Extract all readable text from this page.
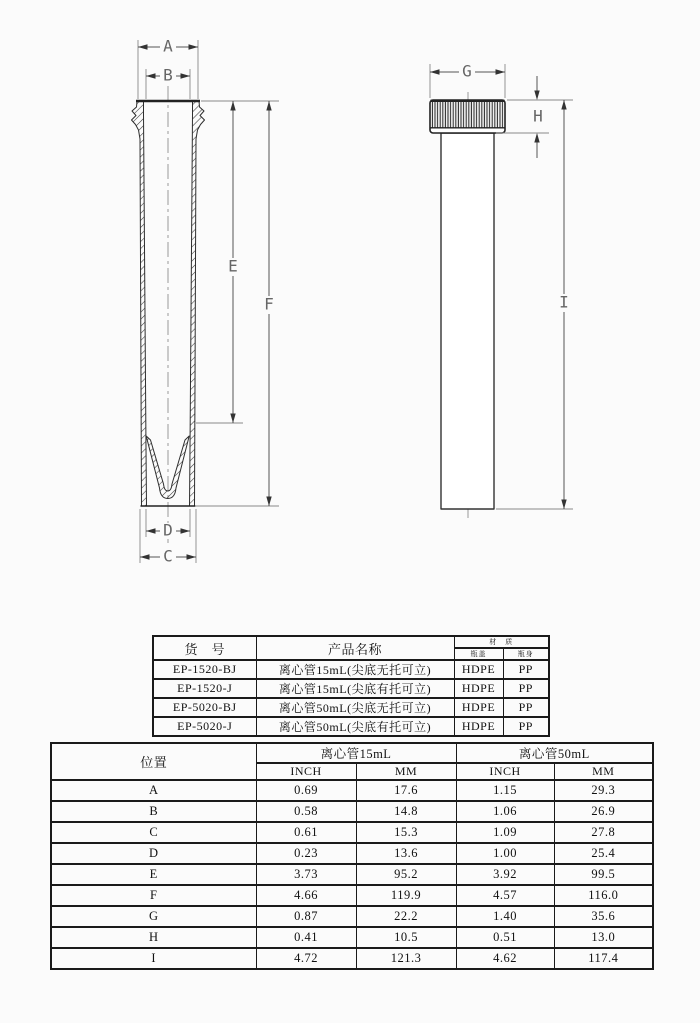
A
B
D
C
E
F
G
H
I
货　号	产品名称	材　质	
		瓶盖	瓶身
EP-1520-BJ	离心管15mL(尖底无托可立)	HDPE	PP
EP-1520-J	离心管15mL(尖底有托可立)	HDPE	PP
EP-5020-BJ	离心管50mL(尖底无托可立)	HDPE	PP
EP-5020-J	离心管50mL(尖底有托可立)	HDPE	PP
位置	离心管15mL		离心管50mL	
	INCH	MM	INCH	MM
A	0.69	17.6	1.15	29.3
B	0.58	14.8	1.06	26.9
C	0.61	15.3	1.09	27.8
D	0.23	13.6	1.00	25.4
E	3.73	95.2	3.92	99.5
F	4.66	119.9	4.57	116.0
G	0.87	22.2	1.40	35.6
H	0.41	10.5	0.51	13.0
I	4.72	121.3	4.62	117.4
